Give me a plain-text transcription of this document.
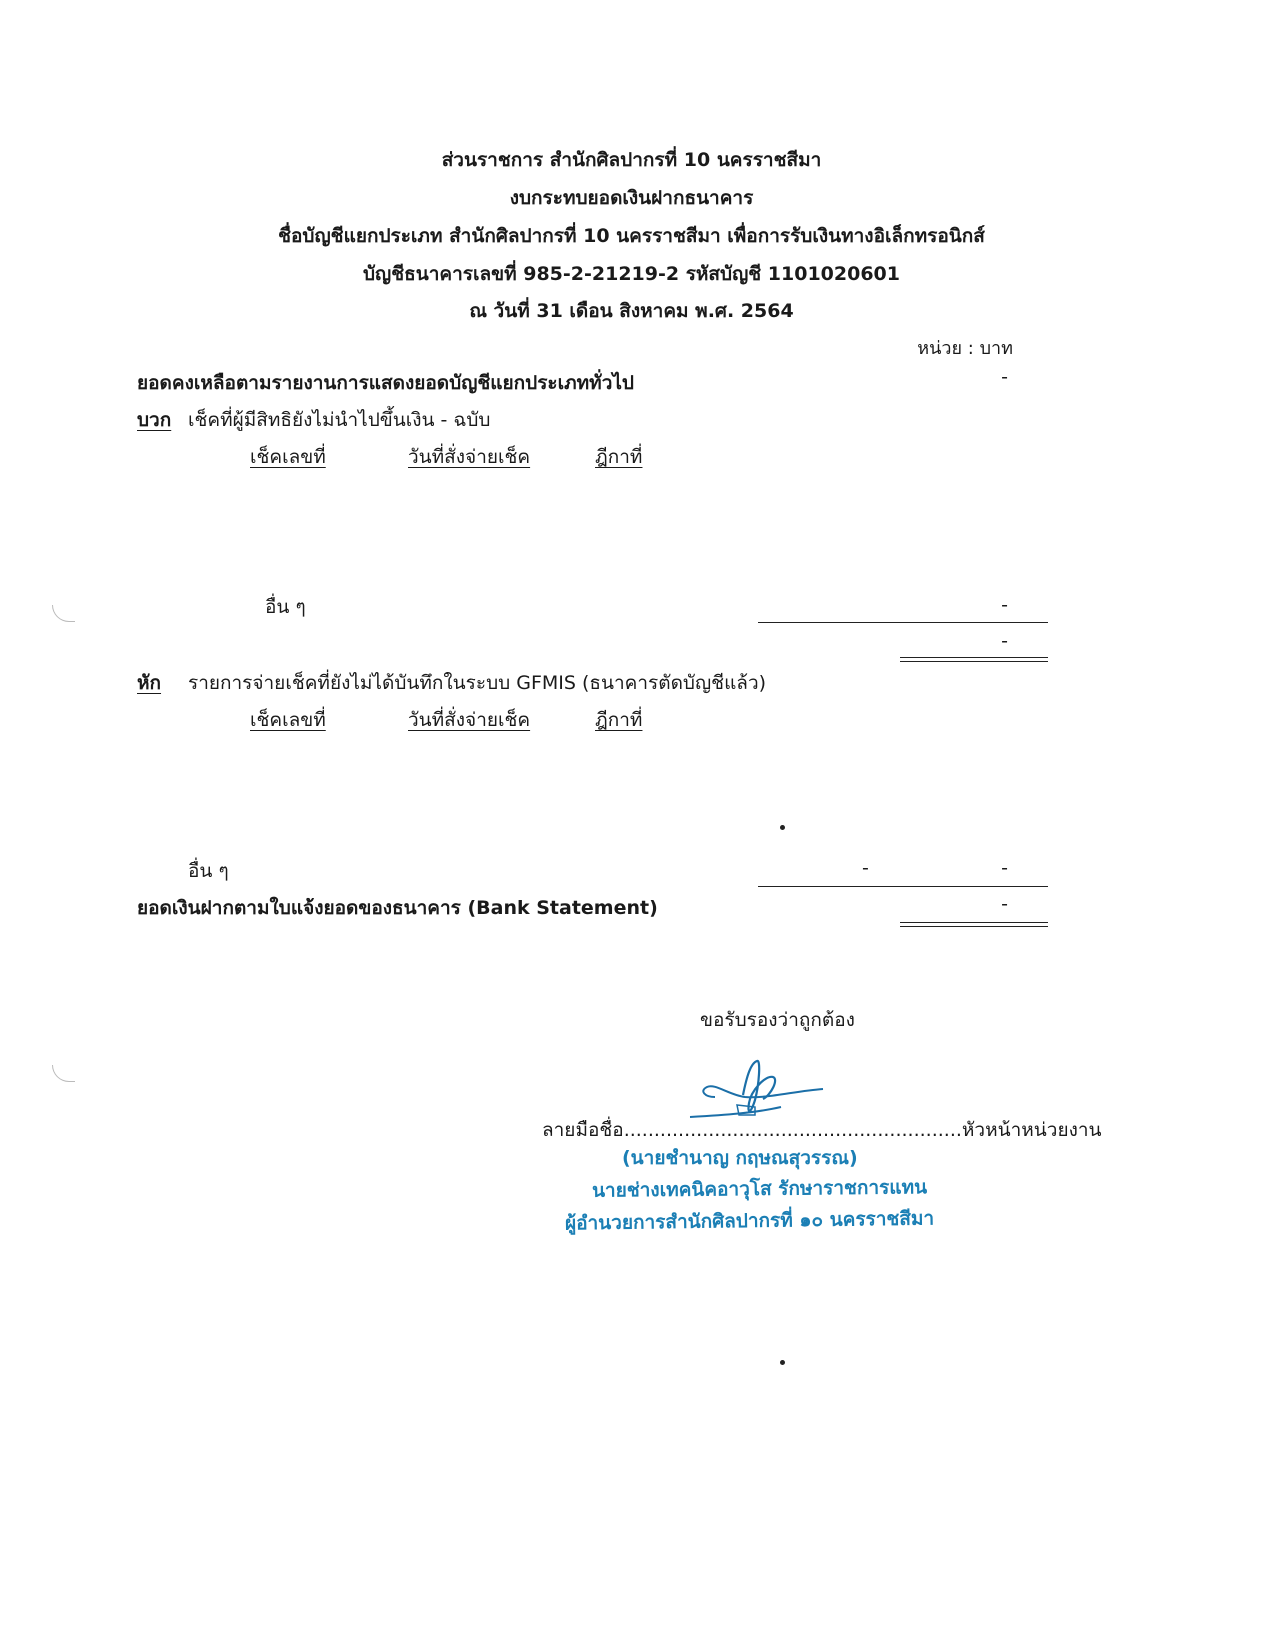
ส่วนราชการ สำนักศิลปากรที่ 10 นครราชสีมา
งบกระทบยอดเงินฝากธนาคาร
ชื่อบัญชีแยกประเภท สำนักศิลปากรที่ 10 นครราชสีมา เพื่อการรับเงินทางอิเล็กทรอนิกส์
บัญชีธนาคารเลขที่ 985-2-21219-2 รหัสบัญชี 1101020601
ณ วันที่ 31 เดือน สิงหาคม พ.ศ. 2564
หน่วย : บาท
ยอดคงเหลือตามรายงานการแสดงยอดบัญชีแยกประเภททั่วไป	-
บวก เช็คที่ผู้มีสิทธิยังไม่นำไปขึ้นเงิน - ฉบับ
เช็คเลขที่	วันที่สั่งจ่ายเช็ค	ฎีกาที่
อื่น ๆ	-
-
หัก รายการจ่ายเช็คที่ยังไม่ได้บันทึกในระบบ GFMIS (ธนาคารตัดบัญชีแล้ว)
เช็คเลขที่	วันที่สั่งจ่ายเช็ค	ฎีกาที่
อื่น ๆ	-	-
ยอดเงินฝากตามใบแจ้งยอดของธนาคาร (Bank Statement)	-
ขอรับรองว่าถูกต้อง
ลายมือชื่อ........................................................หัวหน้าหน่วยงาน
(นายชำนาญ กฤษณสุวรรณ)
นายช่างเทคนิคอาวุโส รักษาราชการแทน
ผู้อำนวยการสำนักศิลปากรที่ ๑๐ นครราชสีมา
